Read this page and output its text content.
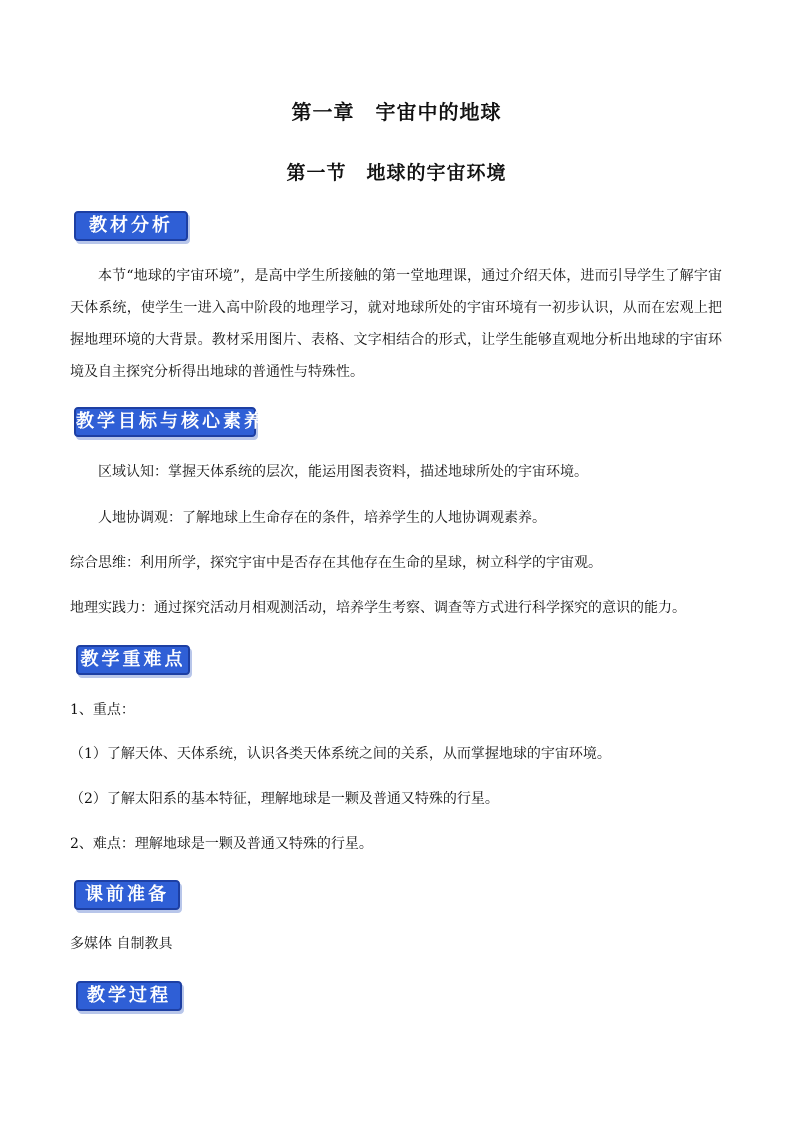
第一章　宇宙中的地球
第一节　地球的宇宙环境
教材分析
本节“地球的宇宙环境”，是高中学生所接触的第一堂地理课，通过介绍天体，进而引导学生了解宇宙天体系统，使学生一进入高中阶段的地理学习，就对地球所处的宇宙环境有一初步认识，从而在宏观上把握地理环境的大背景。教材采用图片、表格、文字相结合的形式，让学生能够直观地分析出地球的宇宙环境及自主探究分析得出地球的普通性与特殊性。
教学目标与核心素养
区域认知：掌握天体系统的层次，能运用图表资料，描述地球所处的宇宙环境。
人地协调观：了解地球上生命存在的条件，培养学生的人地协调观素养。
综合思维：利用所学，探究宇宙中是否存在其他存在生命的星球，树立科学的宇宙观。
地理实践力：通过探究活动月相观测活动，培养学生考察、调查等方式进行科学探究的意识的能力。
教学重难点
1、重点：
（1）了解天体、天体系统，认识各类天体系统之间的关系，从而掌握地球的宇宙环境。
（2）了解太阳系的基本特征，理解地球是一颗及普通又特殊的行星。
2、难点：理解地球是一颗及普通又特殊的行星。
课前准备
多媒体 自制教具
教学过程
